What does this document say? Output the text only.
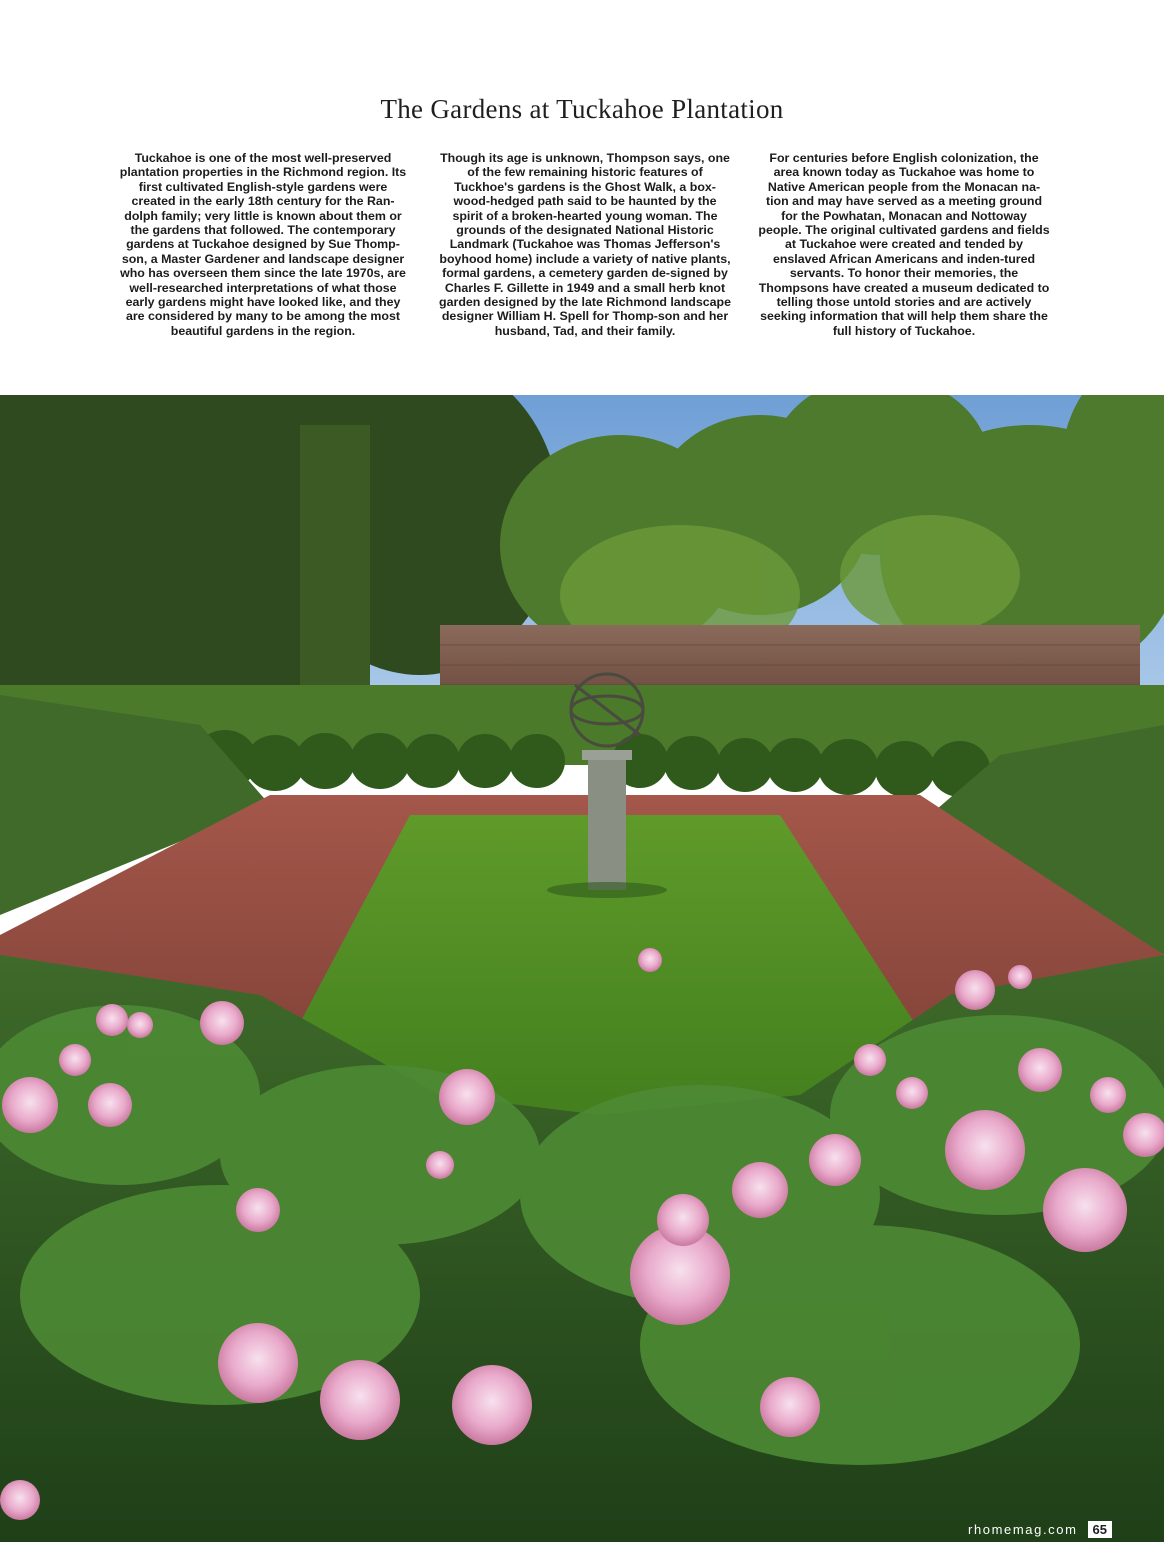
The Gardens at Tuckahoe Plantation

Tuckahoe is one of the most well-preserved plantation properties in the Richmond region. Its first cultivated English-style gardens were created in the early 18th century for the Ran-dolph family; very little is known about them or the gardens that followed. The contemporary gardens at Tuckahoe designed by Sue Thomp-son, a Master Gardener and landscape designer who has overseen them since the late 1970s, are well-researched interpretations of what those early gardens might have looked like, and they are considered by many to be among the most beautiful gardens in the region.

Though its age is unknown, Thompson says, one of the few remaining historic features of Tuckhoe's gardens is the Ghost Walk, a box-wood-hedged path said to be haunted by the spirit of a broken-hearted young woman. The grounds of the designated National Historic Landmark (Tuckahoe was Thomas Jefferson's boyhood home) include a variety of native plants, formal gardens, a cemetery garden de-signed by Charles F. Gillette in 1949 and a small herb knot garden designed by the late Richmond landscape designer William H. Spell for Thomp-son and her husband, Tad, and their family.

For centuries before English colonization, the area known today as Tuckahoe was home to Native American people from the Monacan na-tion and may have served as a meeting ground for the Powhatan, Monacan and Nottoway people. The original cultivated gardens and fields at Tuckahoe were created and tended by enslaved African Americans and inden-tured servants. To honor their memories, the Thompsons have created a museum dedicated to telling those untold stories and are actively seeking information that will help them share the full history of Tuckahoe.

rhomemag.com	65
